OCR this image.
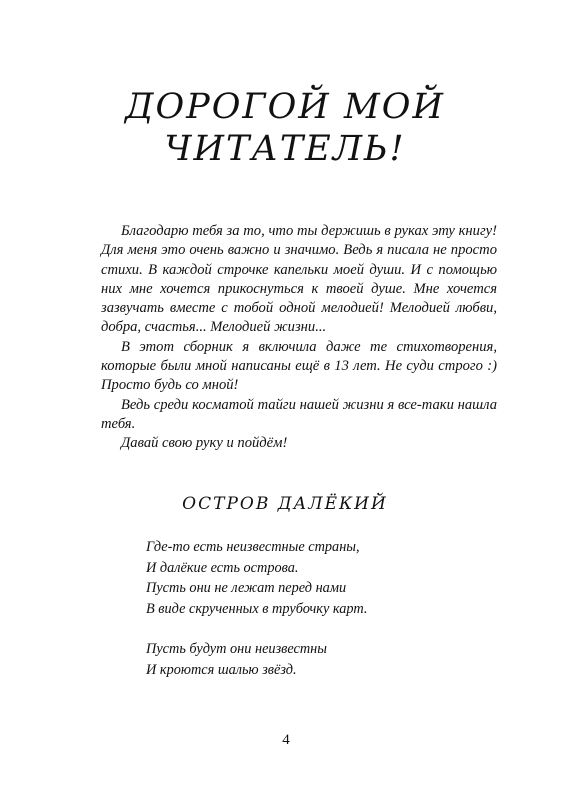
ДОРОГОЙ МОЙ
ЧИТАТЕЛЬ!

Благодарю тебя за то, что ты держишь в руках эту книгу! Для меня это очень важно и значимо. Ведь я писала не просто стихи. В каждой строчке капельки моей души. И с помощью них мне хочется прикоснуться к твоей душе. Мне хочется зазвучать вместе с тобой одной мелодией! Мелодией любви, добра, счастья... Мелодией жизни...

В этот сборник я включила даже те стихотворения, которые были мной написаны ещё в 13 лет. Не суди строго :) Просто будь со мной!

Ведь среди косматой тайги нашей жизни я все-таки нашла тебя.

Давай свою руку и пойдём!

ОСТРОВ ДАЛЁКИЙ
Где-то есть неизвестные страны,
И далёкие есть острова.
Пусть они не лежат перед нами
В виде скрученных в трубочку карт.
Пусть будут они неизвестны
И кроются шалью звёзд.
4
